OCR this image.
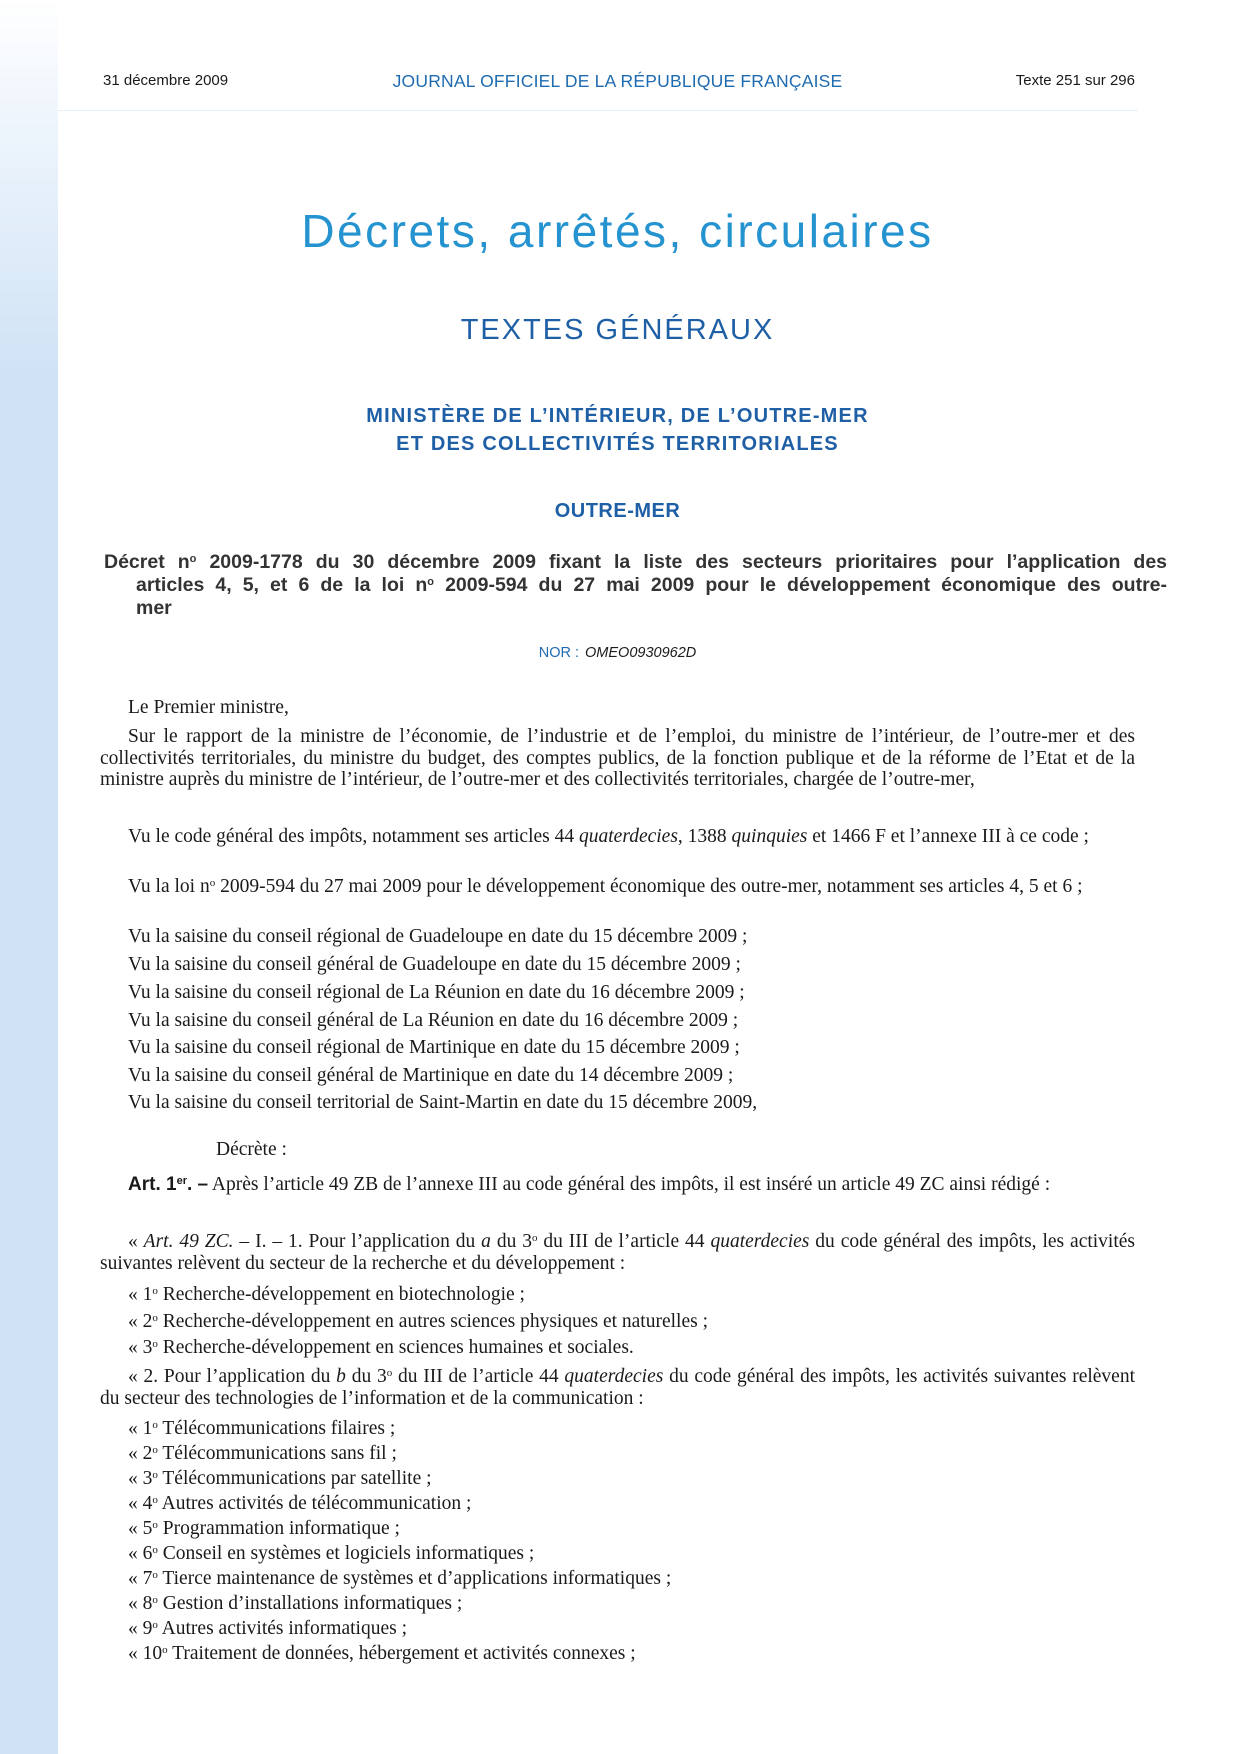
31 décembre 2009	JOURNAL OFFICIEL DE LA RÉPUBLIQUE FRANÇAISE	Texte 251 sur 296
Décrets, arrêtés, circulaires
TEXTES GÉNÉRAUX
MINISTÈRE DE L’INTÉRIEUR, DE L’OUTRE-MER
ET DES COLLECTIVITÉS TERRITORIALES
OUTRE-MER
Décret $n^o$ 2009-1778 du 30 décembre 2009 fixant la liste des secteurs prioritaires pour l’application des articles 4, 5, et 6 de la loi $n^o$ 2009-594 du 27 mai 2009 pour le développement économique des outre-mer
NOR : OMEO0930962D
Le Premier ministre,
Sur le rapport de la ministre de l’économie, de l’industrie et de l’emploi, du ministre de l’intérieur, de l’outre-mer et des collectivités territoriales, du ministre du budget, des comptes publics, de la fonction publique et de la réforme de l’Etat et de la ministre auprès du ministre de l’intérieur, de l’outre-mer et des collectivités territoriales, chargée de l’outre-mer,
Vu le code général des impôts, notamment ses articles 44 quaterdecies, 1388 quinquies et 1466 F et l’annexe III à ce code ;
Vu la loi $n^o$ 2009-594 du 27 mai 2009 pour le développement économique des outre-mer, notamment ses articles 4, 5 et 6 ;
Vu la saisine du conseil régional de Guadeloupe en date du 15 décembre 2009 ;
Vu la saisine du conseil général de Guadeloupe en date du 15 décembre 2009 ;
Vu la saisine du conseil régional de La Réunion en date du 16 décembre 2009 ;
Vu la saisine du conseil général de La Réunion en date du 16 décembre 2009 ;
Vu la saisine du conseil régional de Martinique en date du 15 décembre 2009 ;
Vu la saisine du conseil général de Martinique en date du 14 décembre 2009 ;
Vu la saisine du conseil territorial de Saint-Martin en date du 15 décembre 2009,
Décrète :
Art. 1er. – Après l’article 49 ZB de l’annexe III au code général des impôts, il est inséré un article 49 ZC ainsi rédigé :
« Art. 49 ZC. – I. – 1. Pour l’application du a du 3$^o$ du III de l’article 44 quaterdecies du code général des impôts, les activités suivantes relèvent du secteur de la recherche et du développement :
« 1$^o$ Recherche-développement en biotechnologie ;
« 2$^o$ Recherche-développement en autres sciences physiques et naturelles ;
« 3$^o$ Recherche-développement en sciences humaines et sociales.
« 2. Pour l’application du b du 3$^o$ du III de l’article 44 quaterdecies du code général des impôts, les activités suivantes relèvent du secteur des technologies de l’information et de la communication :
« 1$^o$ Télécommunications filaires ;
« 2$^o$ Télécommunications sans fil ;
« 3$^o$ Télécommunications par satellite ;
« 4$^o$ Autres activités de télécommunication ;
« 5$^o$ Programmation informatique ;
« 6$^o$ Conseil en systèmes et logiciels informatiques ;
« 7$^o$ Tierce maintenance de systèmes et d’applications informatiques ;
« 8$^o$ Gestion d’installations informatiques ;
« 9$^o$ Autres activités informatiques ;
« 10$^o$ Traitement de données, hébergement et activités connexes ;
